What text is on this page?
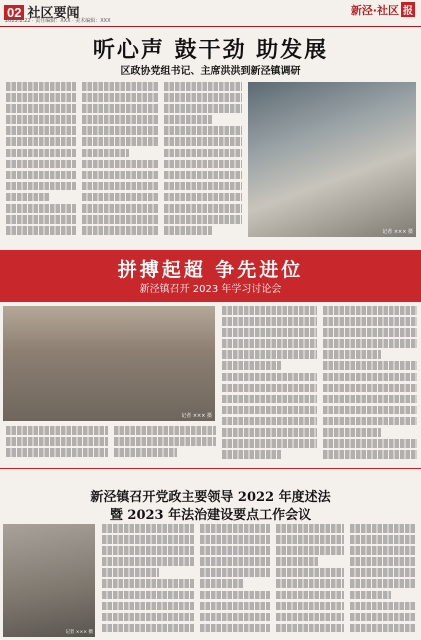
02 社区要闻
2023.2.22 · 责任编辑：XXX · 美术编辑：XXX
新泾·社区 报
听心声 鼓干劲 助发展
区政协党组书记、主席洪洪到新泾镇调研
记者 ××× 摄
拼搏起超 争先进位
新泾镇召开 2023 年学习讨论会
记者 ××× 摄
新泾镇召开党政主要领导 2022 年度述法
暨 2023 年法治建设要点工作会议
记者 ××× 摄
